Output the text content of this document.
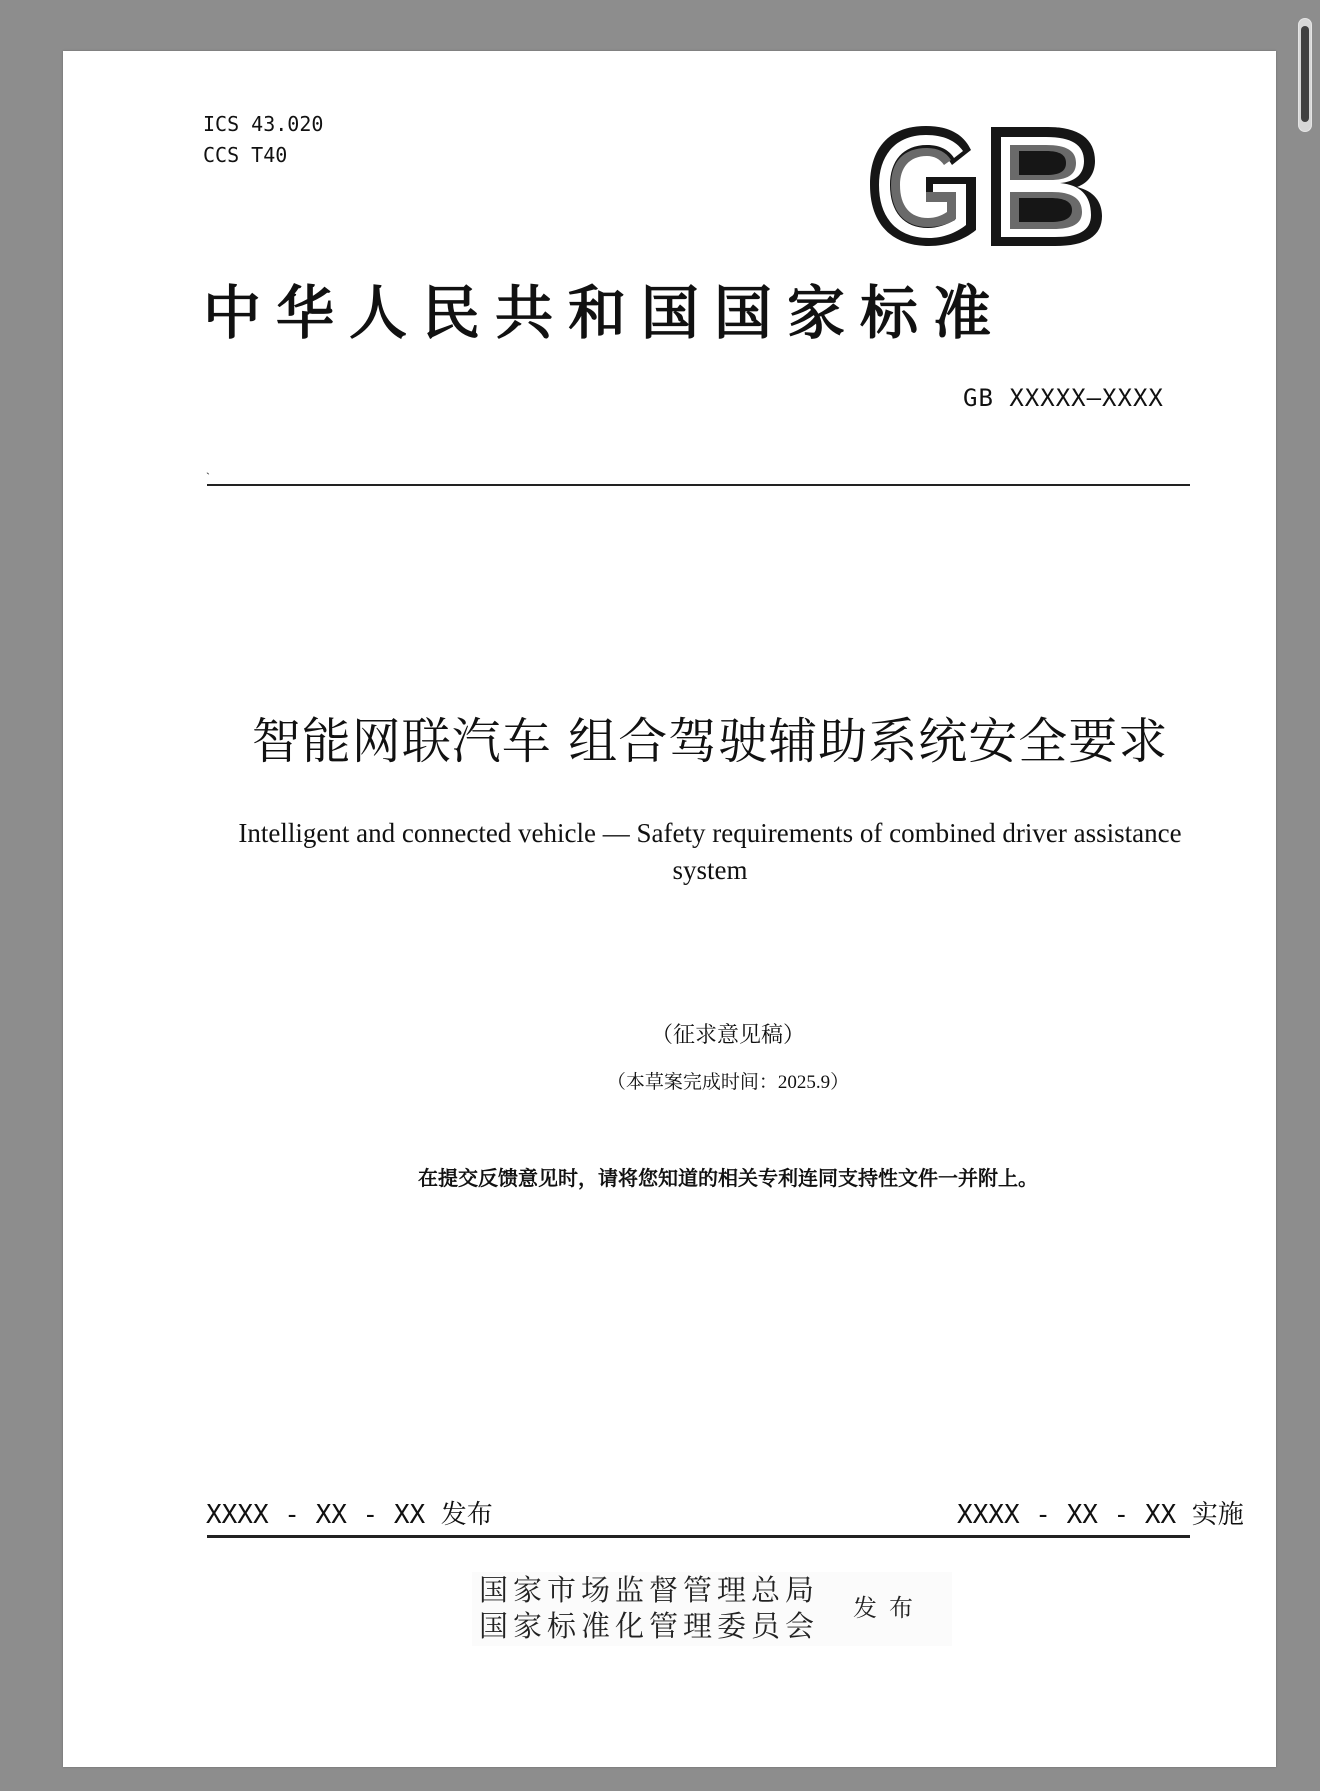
ICS 43.020
CCS T40
中华人民共和国国家标准
GB XXXXX—XXXX
`
智能网联汽车 组合驾驶辅助系统安全要求
Intelligent and connected vehicle — Safety requirements of combined driver assistance system
（征求意见稿）
（本草案完成时间：2025.9）
在提交反馈意见时，请将您知道的相关专利连同支持性文件一并附上。
XXXX - XX - XX 发布	XXXX - XX - XX 实施
国家市场监督管理总局
国家标准化管理委员会
发布
